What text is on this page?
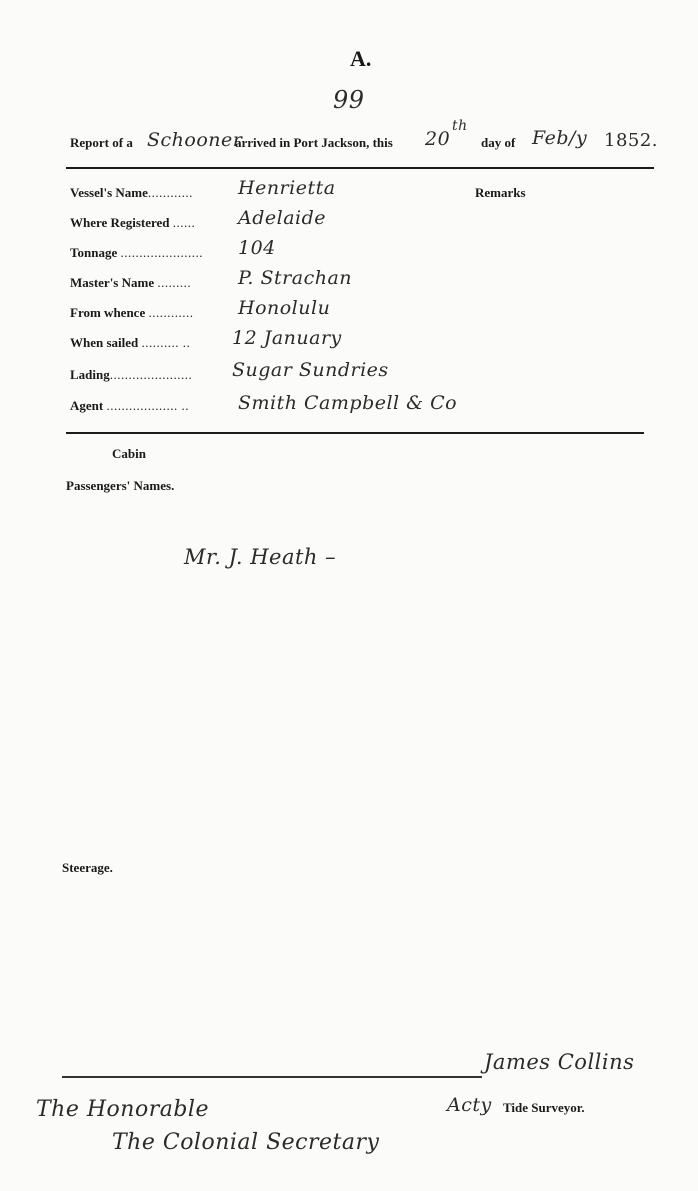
A.
99
Report of a Schooner
arrived in Port Jackson, this 20
th
day of Feb/y 1852.
Remarks
Vessel's Name............ Henrietta
Where Registered ...... Adelaide
Tonnage ...................... 104
Master's Name ......... P. Strachan
From whence ............ Honolulu
When sailed .......... .. 12 January
Lading...................... Sugar Sundries
Agent ................... ..	Smith Campbell & Co
Cabin
Passengers' Names.
Mr. J. Heath –
Steerage.
James Collins
Acty Tide Surveyor.
The Honorable
The Colonial Secretary
